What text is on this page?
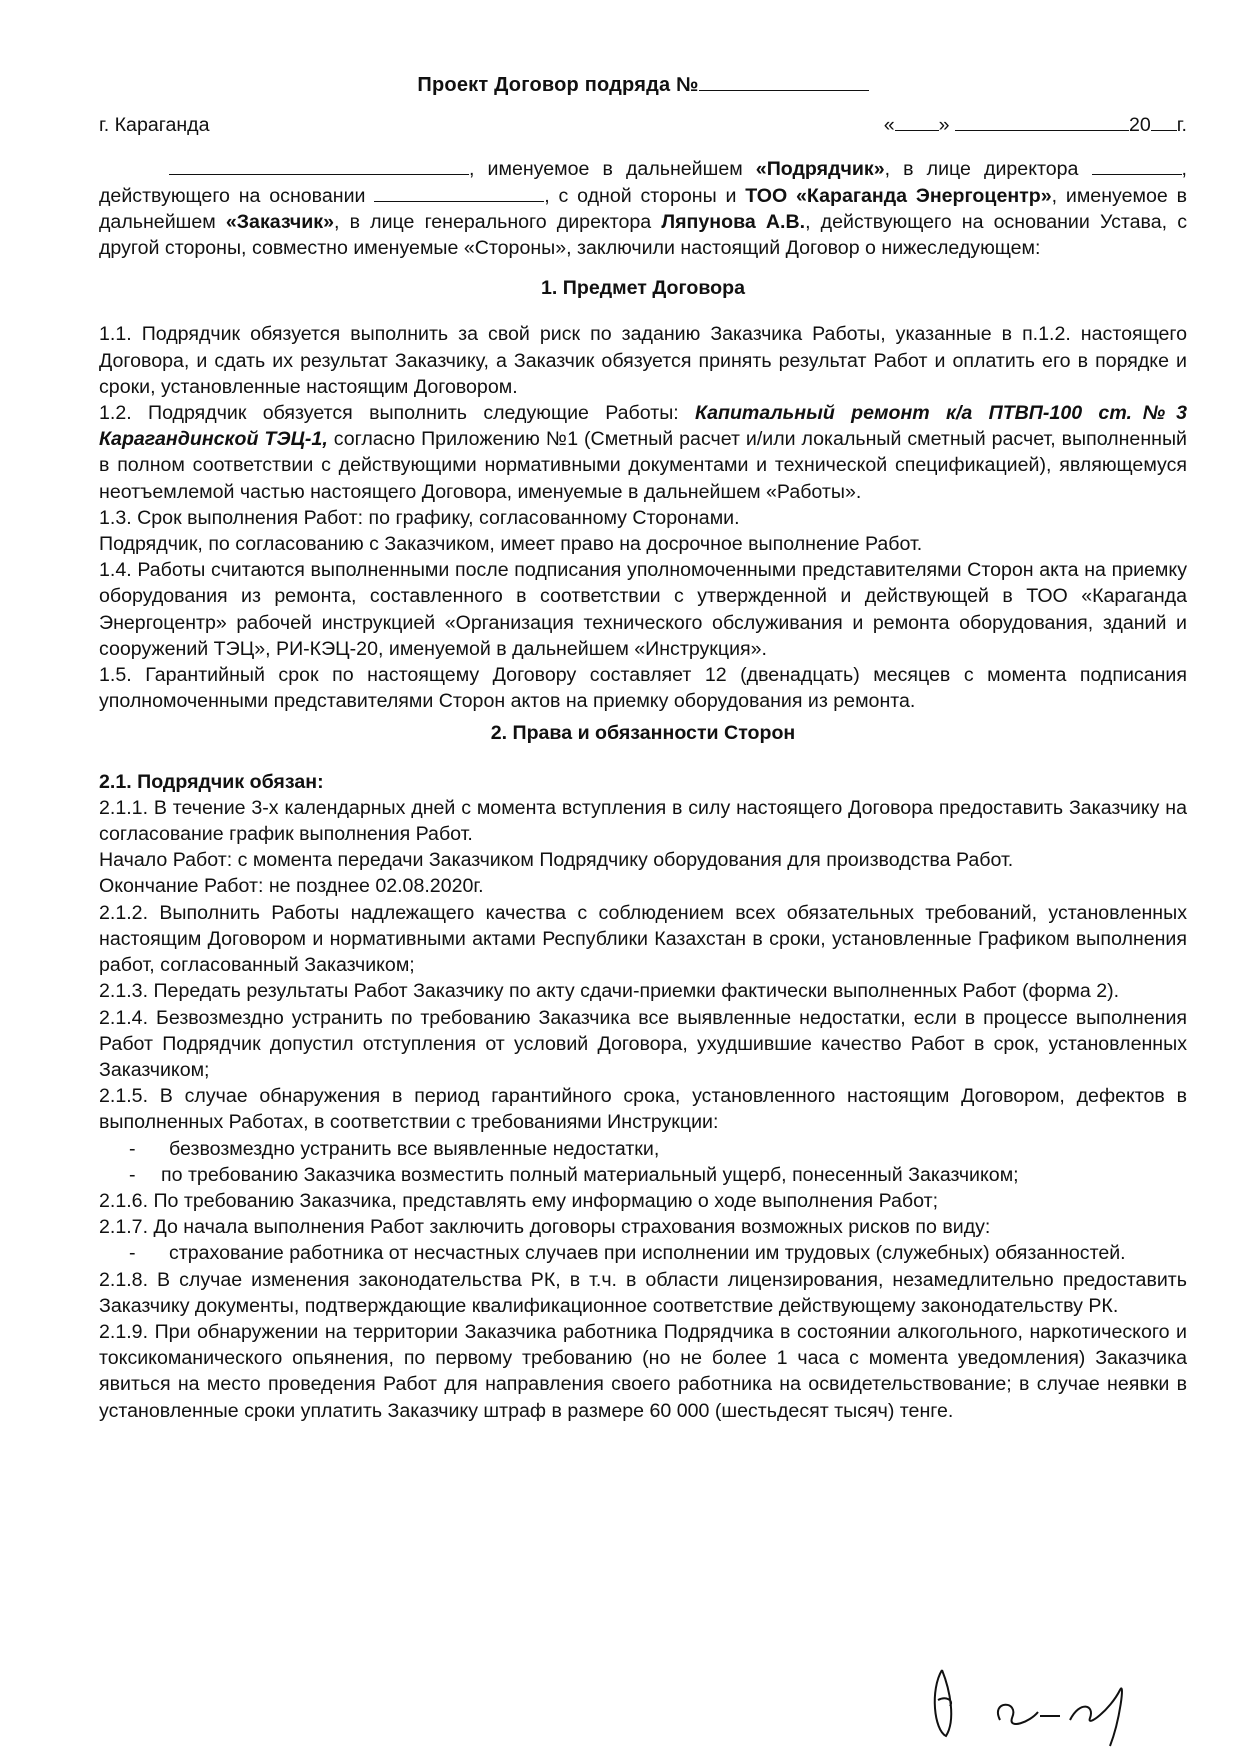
Проект Договор подряда №
г. Караганда	« »	20 г.

, именуемое в дальнейшем «Подрядчик», в лице директора	, действующего на основании	, с одной стороны и ТОО «Караганда Энергоцентр», именуемое в дальнейшем «Заказчик», в лице генерального директора Ляпунова А.В., действующего на основании Устава, с другой стороны, совместно именуемые «Стороны», заключили настоящий Договор о нижеследующем:

1. Предмет Договора

1.1. Подрядчик обязуется выполнить за свой риск по заданию Заказчика Работы, указанные в п.1.2. настоящего Договора, и сдать их результат Заказчику, а Заказчик обязуется принять результат Работ и оплатить его в порядке и сроки, установленные настоящим Договором.

1.2. Подрядчик обязуется выполнить следующие Работы: Капитальный ремонт к/а ПТВП-100 ст.№3 Карагандинской ТЭЦ-1, согласно Приложению №1 (Сметный расчет и/или локальный сметный расчет, выполненный в полном соответствии с действующими нормативными документами и технической спецификацией), являющемуся неотъемлемой частью настоящего Договора, именуемые в дальнейшем «Работы».

1.3. Срок выполнения Работ: по графику, согласованному Сторонами.

Подрядчик, по согласованию с Заказчиком, имеет право на досрочное выполнение Работ.

1.4. Работы считаются выполненными после подписания уполномоченными представителями Сторон акта на приемку оборудования из ремонта, составленного в соответствии с утвержденной и действующей в ТОО «Караганда Энергоцентр» рабочей инструкцией «Организация технического обслуживания и ремонта оборудования, зданий и сооружений ТЭЦ», РИ-КЭЦ-20, именуемой в дальнейшем «Инструкция».

1.5. Гарантийный срок по настоящему Договору составляет 12 (двенадцать) месяцев с момента подписания уполномоченными представителями Сторон актов на приемку оборудования из ремонта.

2. Права и обязанности Сторон

2.1. Подрядчик обязан:

2.1.1. В течение 3-х календарных дней с момента вступления в силу настоящего Договора предоставить Заказчику на согласование график выполнения Работ.

Начало Работ: с момента передачи Заказчиком Подрядчику оборудования для производства Работ.

Окончание Работ: не позднее 02.08.2020г.

2.1.2. Выполнить Работы надлежащего качества с соблюдением всех обязательных требований, установленных настоящим Договором и нормативными актами Республики Казахстан в сроки, установленные Графиком выполнения работ, согласованный Заказчиком;

2.1.3. Передать результаты Работ Заказчику по акту сдачи-приемки фактически выполненных Работ (форма 2).

2.1.4. Безвозмездно устранить по требованию Заказчика все выявленные недостатки, если в процессе выполнения Работ Подрядчик допустил отступления от условий Договора, ухудшившие качество Работ в срок, установленных Заказчиком;

2.1.5. В случае обнаружения в период гарантийного срока, установленного настоящим Договором, дефектов в выполненных Работах, в соответствии с требованиями Инструкции:

- безвозмездно устранить все выявленные недостатки,

- по требованию Заказчика возместить полный материальный ущерб, понесенный Заказчиком;

2.1.6. По требованию Заказчика, представлять ему информацию о ходе выполнения Работ;

2.1.7. До начала выполнения Работ заключить договоры страхования возможных рисков по виду:

- страхование работника от несчастных случаев при исполнении им трудовых (служебных) обязанностей.

2.1.8. В случае изменения законодательства РК, в т.ч. в области лицензирования, незамедлительно предоставить Заказчику документы, подтверждающие квалификационное соответствие действующему законодательству РК.

2.1.9. При обнаружении на территории Заказчика работника Подрядчика в состоянии алкогольного, наркотического и токсикоманического опьянения, по первому требованию (но не более 1 часа с момента уведомления) Заказчика явиться на место проведения Работ для направления своего работника на освидетельствование; в случае неявки в установленные сроки уплатить Заказчику штраф в размере 60 000 (шестьдесят тысяч) тенге.
